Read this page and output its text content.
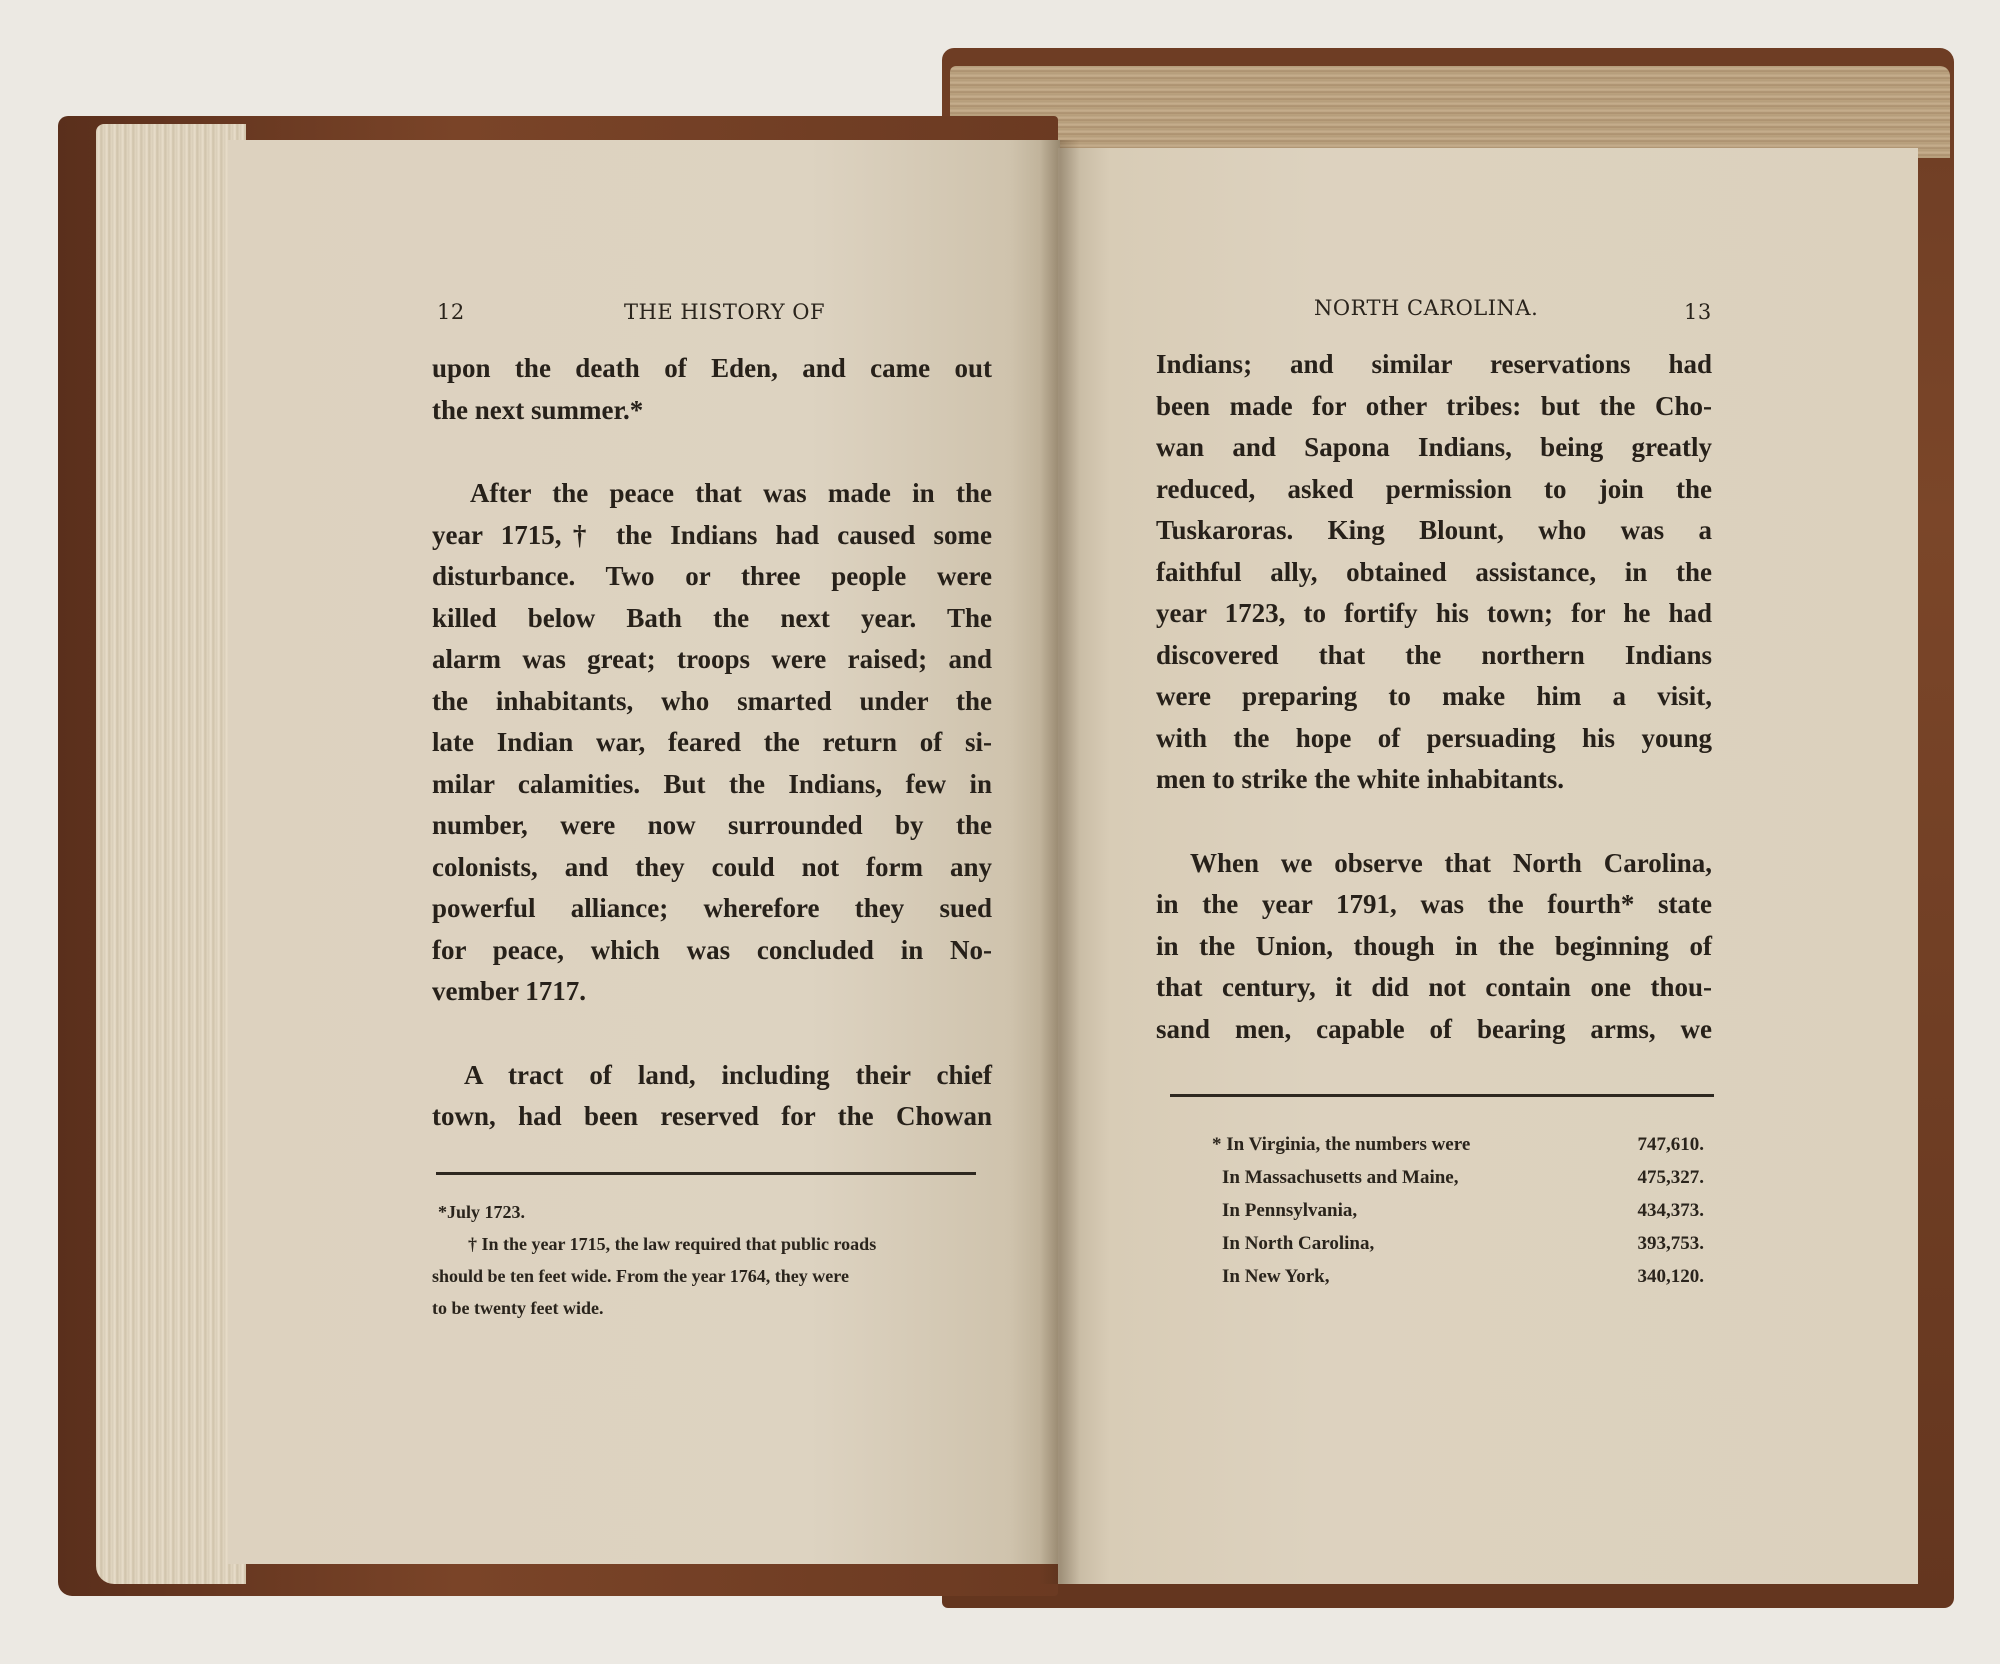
12	THE HISTORY OF
upon the death of Eden, and came out
the next summer.*
After the peace that was made in the
year 1715,† the Indians had caused some
disturbance. Two or three people were
killed below Bath the next year. The
alarm was great; troops were raised; and
the inhabitants, who smarted under the
late Indian war, feared the return of si-
milar calamities. But the Indians, few in
number, were now surrounded by the
colonists, and they could not form any
powerful alliance; wherefore they sued
for peace, which was concluded in No-
vember 1717.
A tract of land, including their chief
town, had been reserved for the Chowan
*July 1723.
† In the year 1715, the law required that public roads
should be ten feet wide. From the year 1764, they were
to be twenty feet wide.
NORTH CAROLINA.	13
Indians; and similar reservations had
been made for other tribes: but the Cho-
wan and Sapona Indians, being greatly
reduced, asked permission to join the
Tuskaroras. King Blount, who was a
faithful ally, obtained assistance, in the
year 1723, to fortify his town; for he had
discovered that the northern Indians
were preparing to make him a visit,
with the hope of persuading his young
men to strike the white inhabitants.
When we observe that North Carolina,
in the year 1791, was the fourth* state
in the Union, though in the beginning of
that century, it did not contain one thou-
sand men, capable of bearing arms, we
* In Virginia, the numbers were	747,610.
In Massachusetts and Maine,	475,327.
In Pennsylvania,	434,373.
In North Carolina,	393,753.
In New York,	340,120.
